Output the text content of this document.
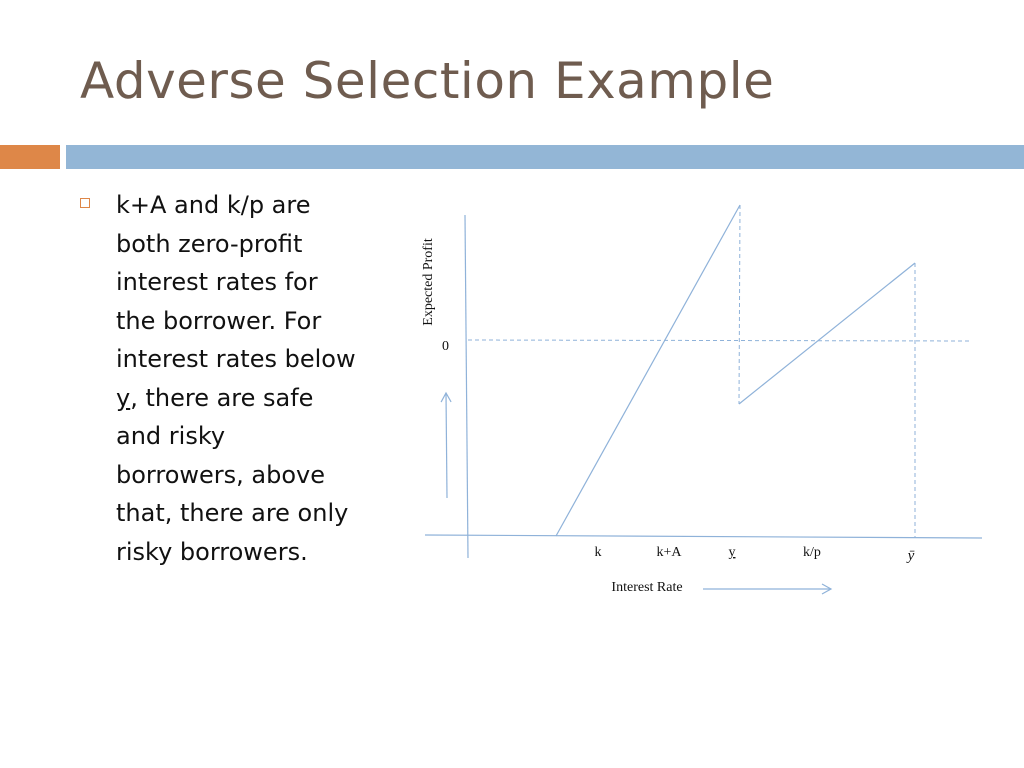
Adverse Selection Example
k+A and k/p are both zero-profit interest rates for the borrower. For interest rates below y, there are safe and risky borrowers, above that, there are only risky borrowers.
Expected Profit
0
k	k+A	y	k/p	ȳ
Interest Rate
